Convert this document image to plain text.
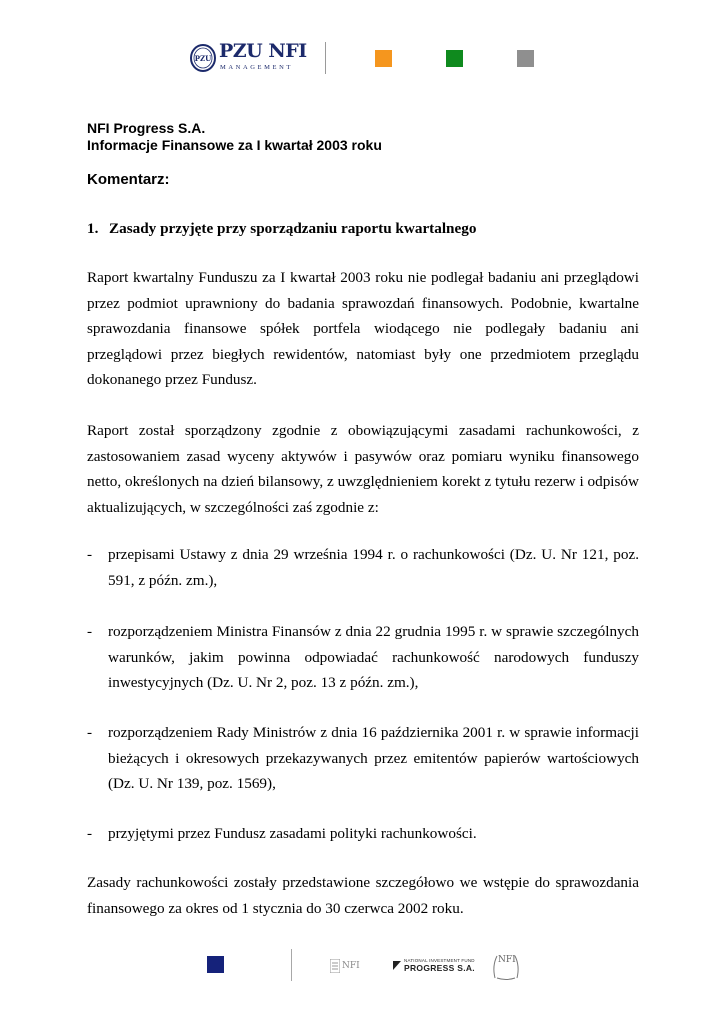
PZU PZU NFI
MANAGEMENT
NFI Progress S.A.
Informacje Finansowe za I kwartał 2003 roku
Komentarz:
1. Zasady przyjęte przy sporządzaniu raportu kwartalnego
Raport kwartalny Funduszu za I kwartał 2003 roku nie podlegał badaniu ani przeglądowi przez podmiot uprawniony do badania sprawozdań finansowych. Podobnie, kwartalne sprawozdania finansowe spółek portfela wiodącego nie podlegały badaniu ani przeglądowi przez biegłych rewidentów, natomiast były one przedmiotem przeglądu dokonanego przez Fundusz.
Raport został sporządzony zgodnie z obowiązującymi zasadami rachunkowości, z zastosowaniem zasad wyceny aktywów i pasywów oraz pomiaru wyniku finansowego netto, określonych na dzień bilansowy, z uwzględnieniem korekt z tytułu rezerw i odpisów aktualizujących, w szczególności zaś zgodnie z:
- przepisami Ustawy z dnia 29 września 1994 r. o rachunkowości (Dz. U. Nr 121, poz. 591, z późn. zm.),
- rozporządzeniem Ministra Finansów z dnia 22 grudnia 1995 r. w sprawie szczególnych warunków, jakim powinna odpowiadać rachunkowość narodowych funduszy inwestycyjnych (Dz. U. Nr 2, poz. 13 z późn. zm.),
- rozporządzeniem Rady Ministrów z dnia 16 października 2001 r. w sprawie informacji bieżących i okresowych przekazywanych przez emitentów papierów wartościowych (Dz. U. Nr 139, poz. 1569),
- przyjętymi przez Fundusz zasadami polityki rachunkowości.
Zasady rachunkowości zostały przedstawione szczegółowo we wstępie do sprawozdania finansowego za okres od 1 stycznia do 30 czerwca 2002 roku.
NFI
NATIONAL INVESTMENT FUND
PROGRESS S.A.
NFI
